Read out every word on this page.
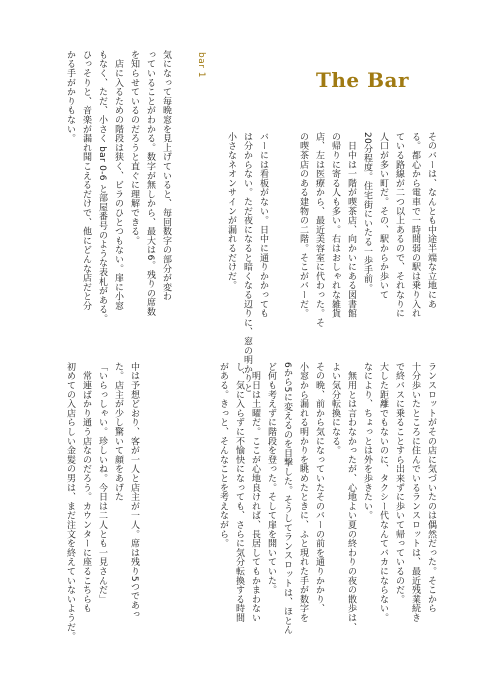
The Bar
そのバーは、なんとも中途半端な立地にあ
る。都心から電車で一時間弱の駅は乗り入れ
ている路線が二つ以上あるので、それなりに
人口が多い町だ。その、駅からか歩いて
20分程度。住宅街にいたる一歩手前。
　日中は一階が喫茶店、向かいにある図書館
の帰りに寄る人も多い。右はおしゃれな雑貨
店、左は医療から、最近美容室に代わった。そ
の喫茶店のある建物の二階。そこがバーだ。
バーには看板がない。日中に通りかかっても
は分からない。ただ夜になると暗くなる辺りに、窓の明かりと
小さなネオンサインが漏れるだけだ。
bar 1
気になって毎晩窓を見上げていると、毎回数字の部分が変わ
っていることがわかる。数字が無しから、最大は6。残りの席数
を知らせているのだろうと直ぐに理解できる。
　店に入るための階段は狭く、ビラのひとつもない。扉に小窓
もなく、ただ、小さく bar 0-6 と部屋番号のような表札がある。
ひっそりと、音楽が漏れ聞こえるだけで、他にどんな店だと分
かる手がかりもない。
ランスロットがその店に気づいたのは偶然だった。そこから
十分歩いたところに住んでいるランスロットは、最近残業続き
で終バスに乗ることすら出来ずに歩いて帰っているのだ。
大した距離でもないのに、タクシー代なんてバカにならない。
なにより、ちょっとは外を歩きたい。
　無用とは言わなかったが、心地よい夏の終わりの夜の散歩は、
よい気分転換になる。
その晩、前から気になっていたそのバーの前を通りかかり、
小窓から漏れる明かりを眺めたときに、ふと現れた手が数字を
6から5に変えるのを目撃した。そうしてランスロットは、ほとん
ど何も考えずに階段を登った。そして扉を開いていた。
　明日は土曜だ。ここが心地良ければ、長居してもかまわない
し、気に入らずに不愉快になっても、さらに気分転換する時間
がある。きっと、そんなことを考えながら。
中は予想どおり、客が一人と店主が一人。席は残り5つであっ
た。店主が少し驚いて顔をあげた
「いらっしゃい。珍しいね。今日は二人とも一見さんだ」
　常連ばかり通う店なのだろう。カウンターに座るこちらも
初めての入店らしい金髪の男は、まだ注文を終えていないようだ。
